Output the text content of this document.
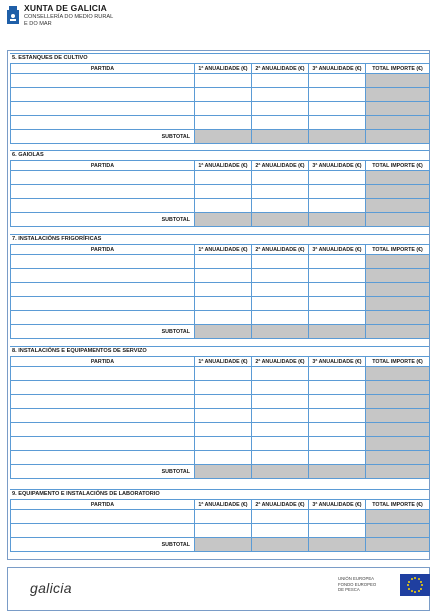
XUNTA DE GALICIA
CONSELLERÍA DO MEDIO RURAL
E DO MAR
5. ESTANQUES DE CULTIVO
PARTIDA	1ª ANUALIDADE (€)	2ª ANUALIDADE (€)	3ª ANUALIDADE (€)	TOTAL IMPORTE (€)

SUBTOTAL				
6. GAIOLAS
PARTIDA	1ª ANUALIDADE (€)	2ª ANUALIDADE (€)	3ª ANUALIDADE (€)	TOTAL IMPORTE (€)

SUBTOTAL				
7. INSTALACIÓNS FRIGORÍFICAS
PARTIDA	1ª ANUALIDADE (€)	2ª ANUALIDADE (€)	3ª ANUALIDADE (€)	TOTAL IMPORTE (€)

SUBTOTAL				
8. INSTALACIÓNS E EQUIPAMENTOS DE SERVIZO
PARTIDA	1ª ANUALIDADE (€)	2ª ANUALIDADE (€)	3ª ANUALIDADE (€)	TOTAL IMPORTE (€)

SUBTOTAL				
9. EQUIPAMENTO E INSTALACIÓNS DE LABORATORIO
PARTIDA	1ª ANUALIDADE (€)	2ª ANUALIDADE (€)	3ª ANUALIDADE (€)	TOTAL IMPORTE (€)

SUBTOTAL				
galicia
UNIÓN EUROPEA
FONDO EUROPEO
DE PESCA
